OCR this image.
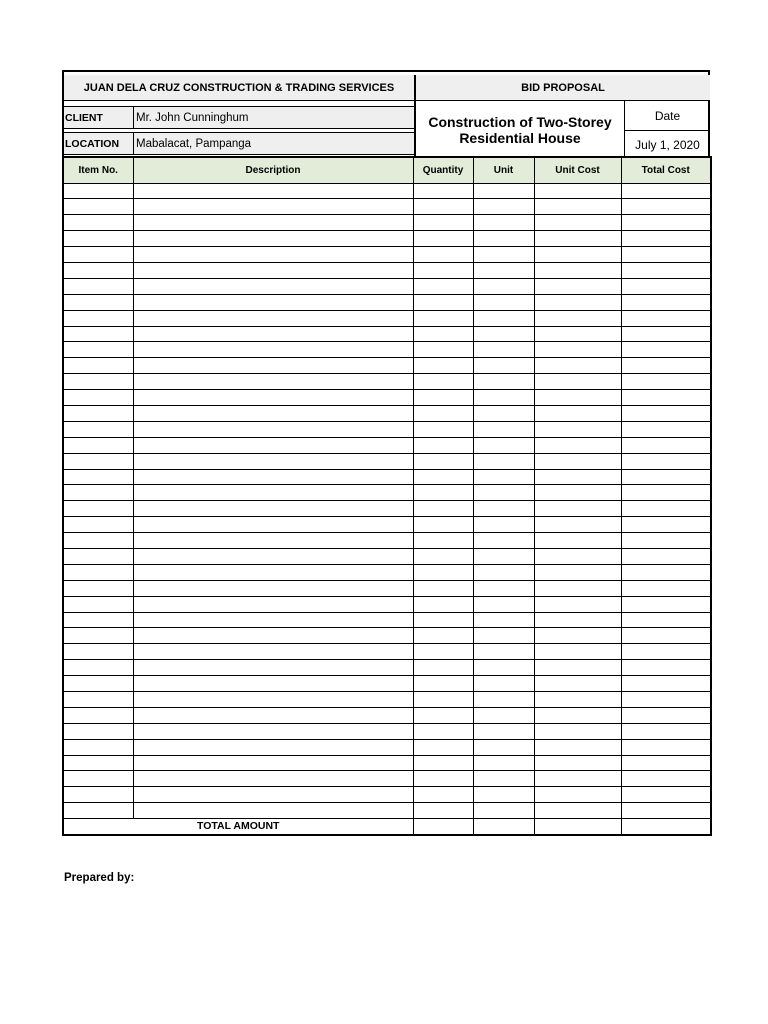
JUAN DELA CRUZ CONSTRUCTION & TRADING SERVICES	BID PROPOSAL
CLIENT	Mr. John Cunninghum
LOCATION	Mabalacat, Pampanga
Construction of Two-Storey
Residential House
Date
July 1, 2020
Item No.	Description	Quantity	Unit	Unit Cost	Total Cost

TOTAL AMOUNT					
Prepared by:
